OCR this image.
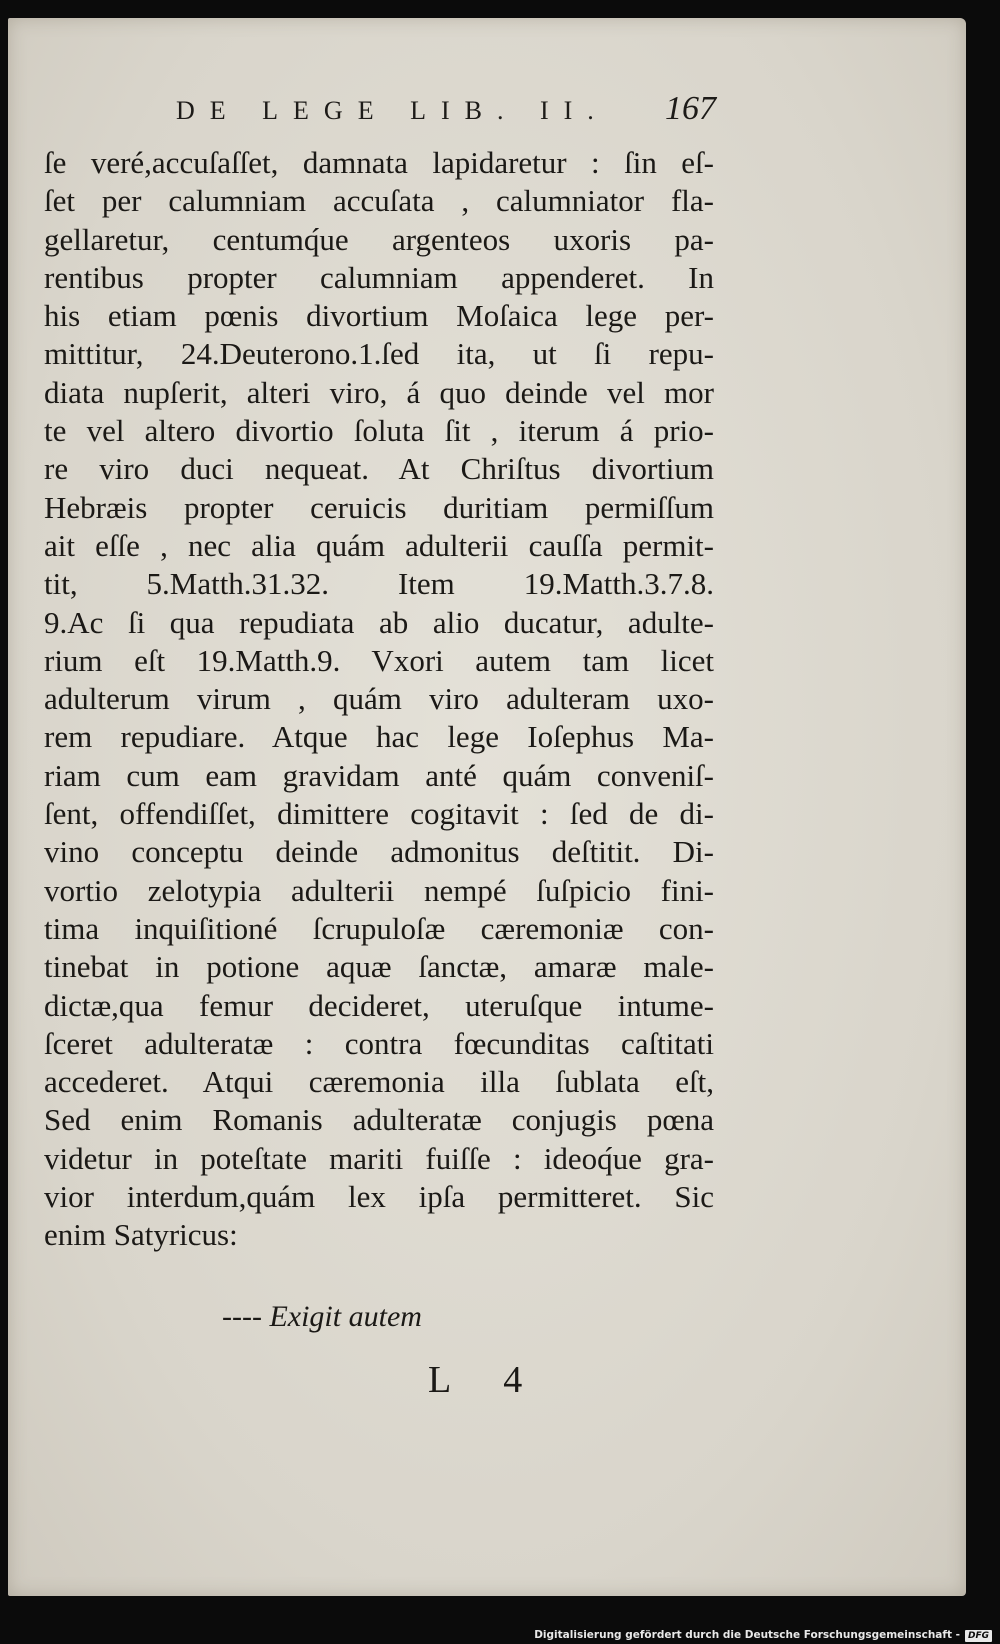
DE LEGE LIB. II. 167
ſe veré,accuſaſſet, damnata lapidaretur : ſin eſ-
ſet per calumniam accuſata , calumniator fla-
gellaretur, centumq́ue argenteos uxoris pa-
rentibus propter calumniam appenderet. In
his etiam pœnis divortium Moſaica lege per-
mittitur, 24.Deuterono.1.ſed ita, ut ſi repu-
diata nupſerit, alteri viro, á quo deinde vel mor
te vel altero divortio ſoluta ſit , iterum á prio-
re viro duci nequeat. At Chriſtus divortium
Hebræis propter ceruicis duritiam permiſſum
ait eſſe , nec alia quám adulterii cauſſa permit-
tit, 5.Matth.31.32. Item 19.Matth.3.7.8.
9.Ac ſi qua repudiata ab alio ducatur, adulte-
rium eſt 19.Matth.9. Vxori autem tam licet
adulterum virum , quám viro adulteram uxo-
rem repudiare. Atque hac lege Ioſephus Ma-
riam cum eam gravidam anté quám conveniſ-
ſent, offendiſſet, dimittere cogitavit : ſed de di-
vino conceptu deinde admonitus deſtitit. Di-
vortio zelotypia adulterii nempé ſuſpicio fini-
tima inquiſitioné ſcrupuloſæ cæremoniæ con-
tinebat in potione aquæ ſanctæ, amaræ male-
dictæ,qua femur decideret, uteruſque intume-
ſceret adulteratæ : contra fœcunditas caſtitati
accederet. Atqui cæremonia illa ſublata eſt,
Sed enim Romanis adulteratæ conjugis pœna
videtur in poteſtate mariti fuiſſe : ideoq́ue gra-
vior interdum,quám lex ipſa permitteret. Sic
enim Satyricus:
---- Exigit autem
L 4
Digitalisierung gefördert durch die Deutsche Forschungsgemeinschaft - DFG
